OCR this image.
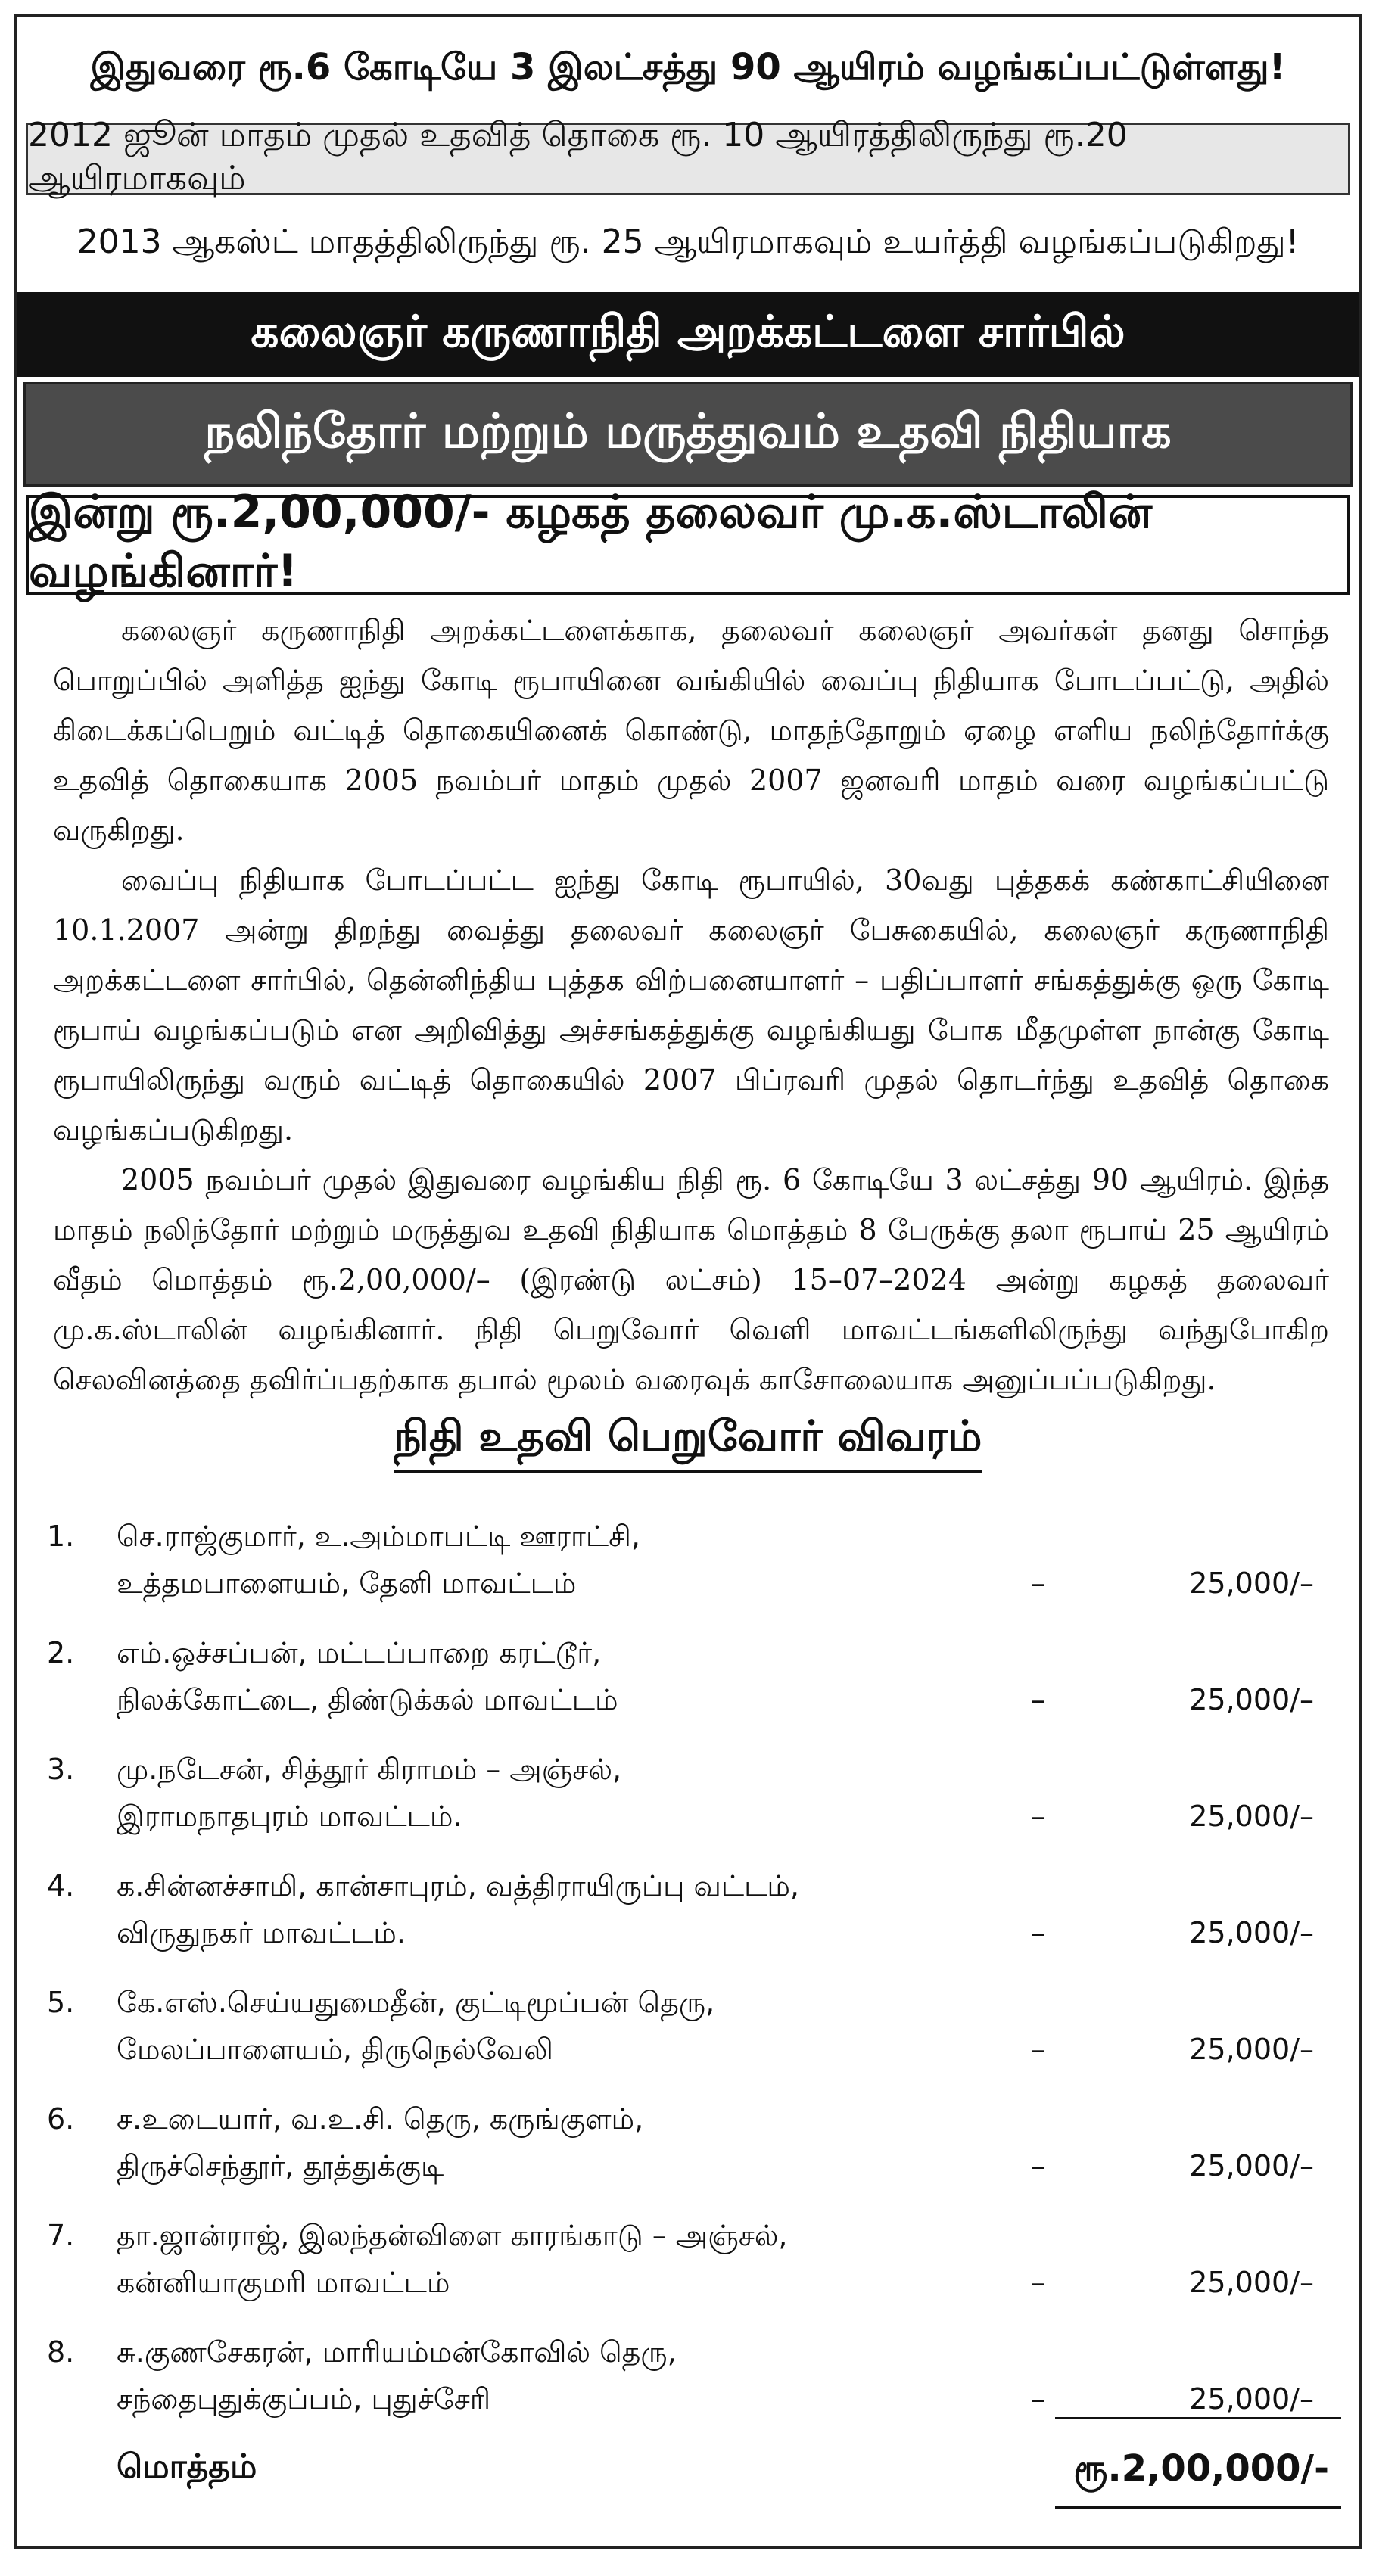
இதுவரை ரூ.6 கோடியே 3 இலட்சத்து 90 ஆயிரம் வழங்கப்பட்டுள்ளது!
2012 ஜூன் மாதம் முதல் உதவித் தொகை ரூ. 10 ஆயிரத்திலிருந்து ரூ.20 ஆயிரமாகவும்
2013 ஆகஸ்ட் மாதத்திலிருந்து ரூ. 25 ஆயிரமாகவும் உயர்த்தி வழங்கப்படுகிறது!
கலைஞர் கருணாநிதி அறக்கட்டளை சார்பில்
நலிந்தோர் மற்றும் மருத்துவம் உதவி நிதியாக
இன்று ரூ.2,00,000/- கழகத் தலைவர் மு.க.ஸ்டாலின் வழங்கினார்!

கலைஞர் கருணாநிதி அறக்கட்டளைக்காக, தலைவர் கலைஞர் அவர்கள் தனது சொந்த பொறுப்பில் அளித்த ஐந்து கோடி ரூபாயினை வங்கியில் வைப்பு நிதியாக போடப்பட்டு, அதில் கிடைக்கப்பெறும் வட்டித் தொகையினைக் கொண்டு, மாதந்தோறும் ஏழை எளிய நலிந்தோர்க்கு உதவித் தொகையாக 2005 நவம்பர் மாதம் முதல் 2007 ஜனவரி மாதம் வரை வழங்கப்பட்டு வருகிறது.

வைப்பு நிதியாக போடப்பட்ட ஐந்து கோடி ரூபாயில், 30வது புத்தகக் கண்காட்சியினை 10.1.2007 அன்று திறந்து வைத்து தலைவர் கலைஞர் பேசுகையில், கலைஞர் கருணாநிதி அறக்கட்டளை சார்பில், தென்னிந்திய புத்தக விற்பனையாளர் – பதிப்பாளர் சங்கத்துக்கு ஒரு கோடி ரூபாய் வழங்கப்படும் என அறிவித்து அச்சங்கத்துக்கு வழங்கியது போக மீதமுள்ள நான்கு கோடி ரூபாயிலிருந்து வரும் வட்டித் தொகையில் 2007 பிப்ரவரி முதல் தொடர்ந்து உதவித் தொகை வழங்கப்படுகிறது.

2005 நவம்பர் முதல் இதுவரை வழங்கிய நிதி ரூ. 6 கோடியே 3 லட்சத்து 90 ஆயிரம். இந்த மாதம் நலிந்தோர் மற்றும் மருத்துவ உதவி நிதியாக மொத்தம் 8 பேருக்கு தலா ரூபாய் 25 ஆயிரம் வீதம் மொத்தம் ரூ.2,00,000/– (இரண்டு லட்சம்) 15–07–2024 அன்று கழகத் தலைவர் மு.க.ஸ்டாலின் வழங்கினார். நிதி பெறுவோர் வெளி மாவட்டங்களிலிருந்து வந்துபோகிற செலவினத்தை தவிர்ப்பதற்காக தபால் மூலம் வரைவுக் காசோலையாக அனுப்பப்படுகிறது.

நிதி உதவி பெறுவோர் விவரம்
1.	செ.ராஜ்குமார், உ.அம்மாபட்டி ஊராட்சி,
உத்தமபாளையம், தேனி மாவட்டம்	–	25,000/–
2.	எம்.ஒச்சப்பன், மட்டப்பாறை கரட்டூர்,
நிலக்கோட்டை, திண்டுக்கல் மாவட்டம்	–	25,000/–
3.	மு.நடேசன், சித்தூர் கிராமம் – அஞ்சல்,
இராமநாதபுரம் மாவட்டம்.	–	25,000/–
4.	க.சின்னச்சாமி, கான்சாபுரம், வத்திராயிருப்பு வட்டம்,
விருதுநகர் மாவட்டம்.	–	25,000/–
5.	கே.எஸ்.செய்யதுமைதீன், குட்டிமூப்பன் தெரு,
மேலப்பாளையம், திருநெல்வேலி	–	25,000/–
6.	ச.உடையார், வ.உ.சி. தெரு, கருங்குளம்,
திருச்செந்தூர், தூத்துக்குடி	–	25,000/–
7.	தா.ஜான்ராஜ், இலந்தன்விளை காரங்காடு – அஞ்சல்,
கன்னியாகுமரி மாவட்டம்	–	25,000/–
8.	சு.குணசேகரன், மாரியம்மன்கோவில் தெரு,
சந்தைபுதுக்குப்பம், புதுச்சேரி	–	25,000/–
மொத்தம்	ரூ.2,00,000/-
